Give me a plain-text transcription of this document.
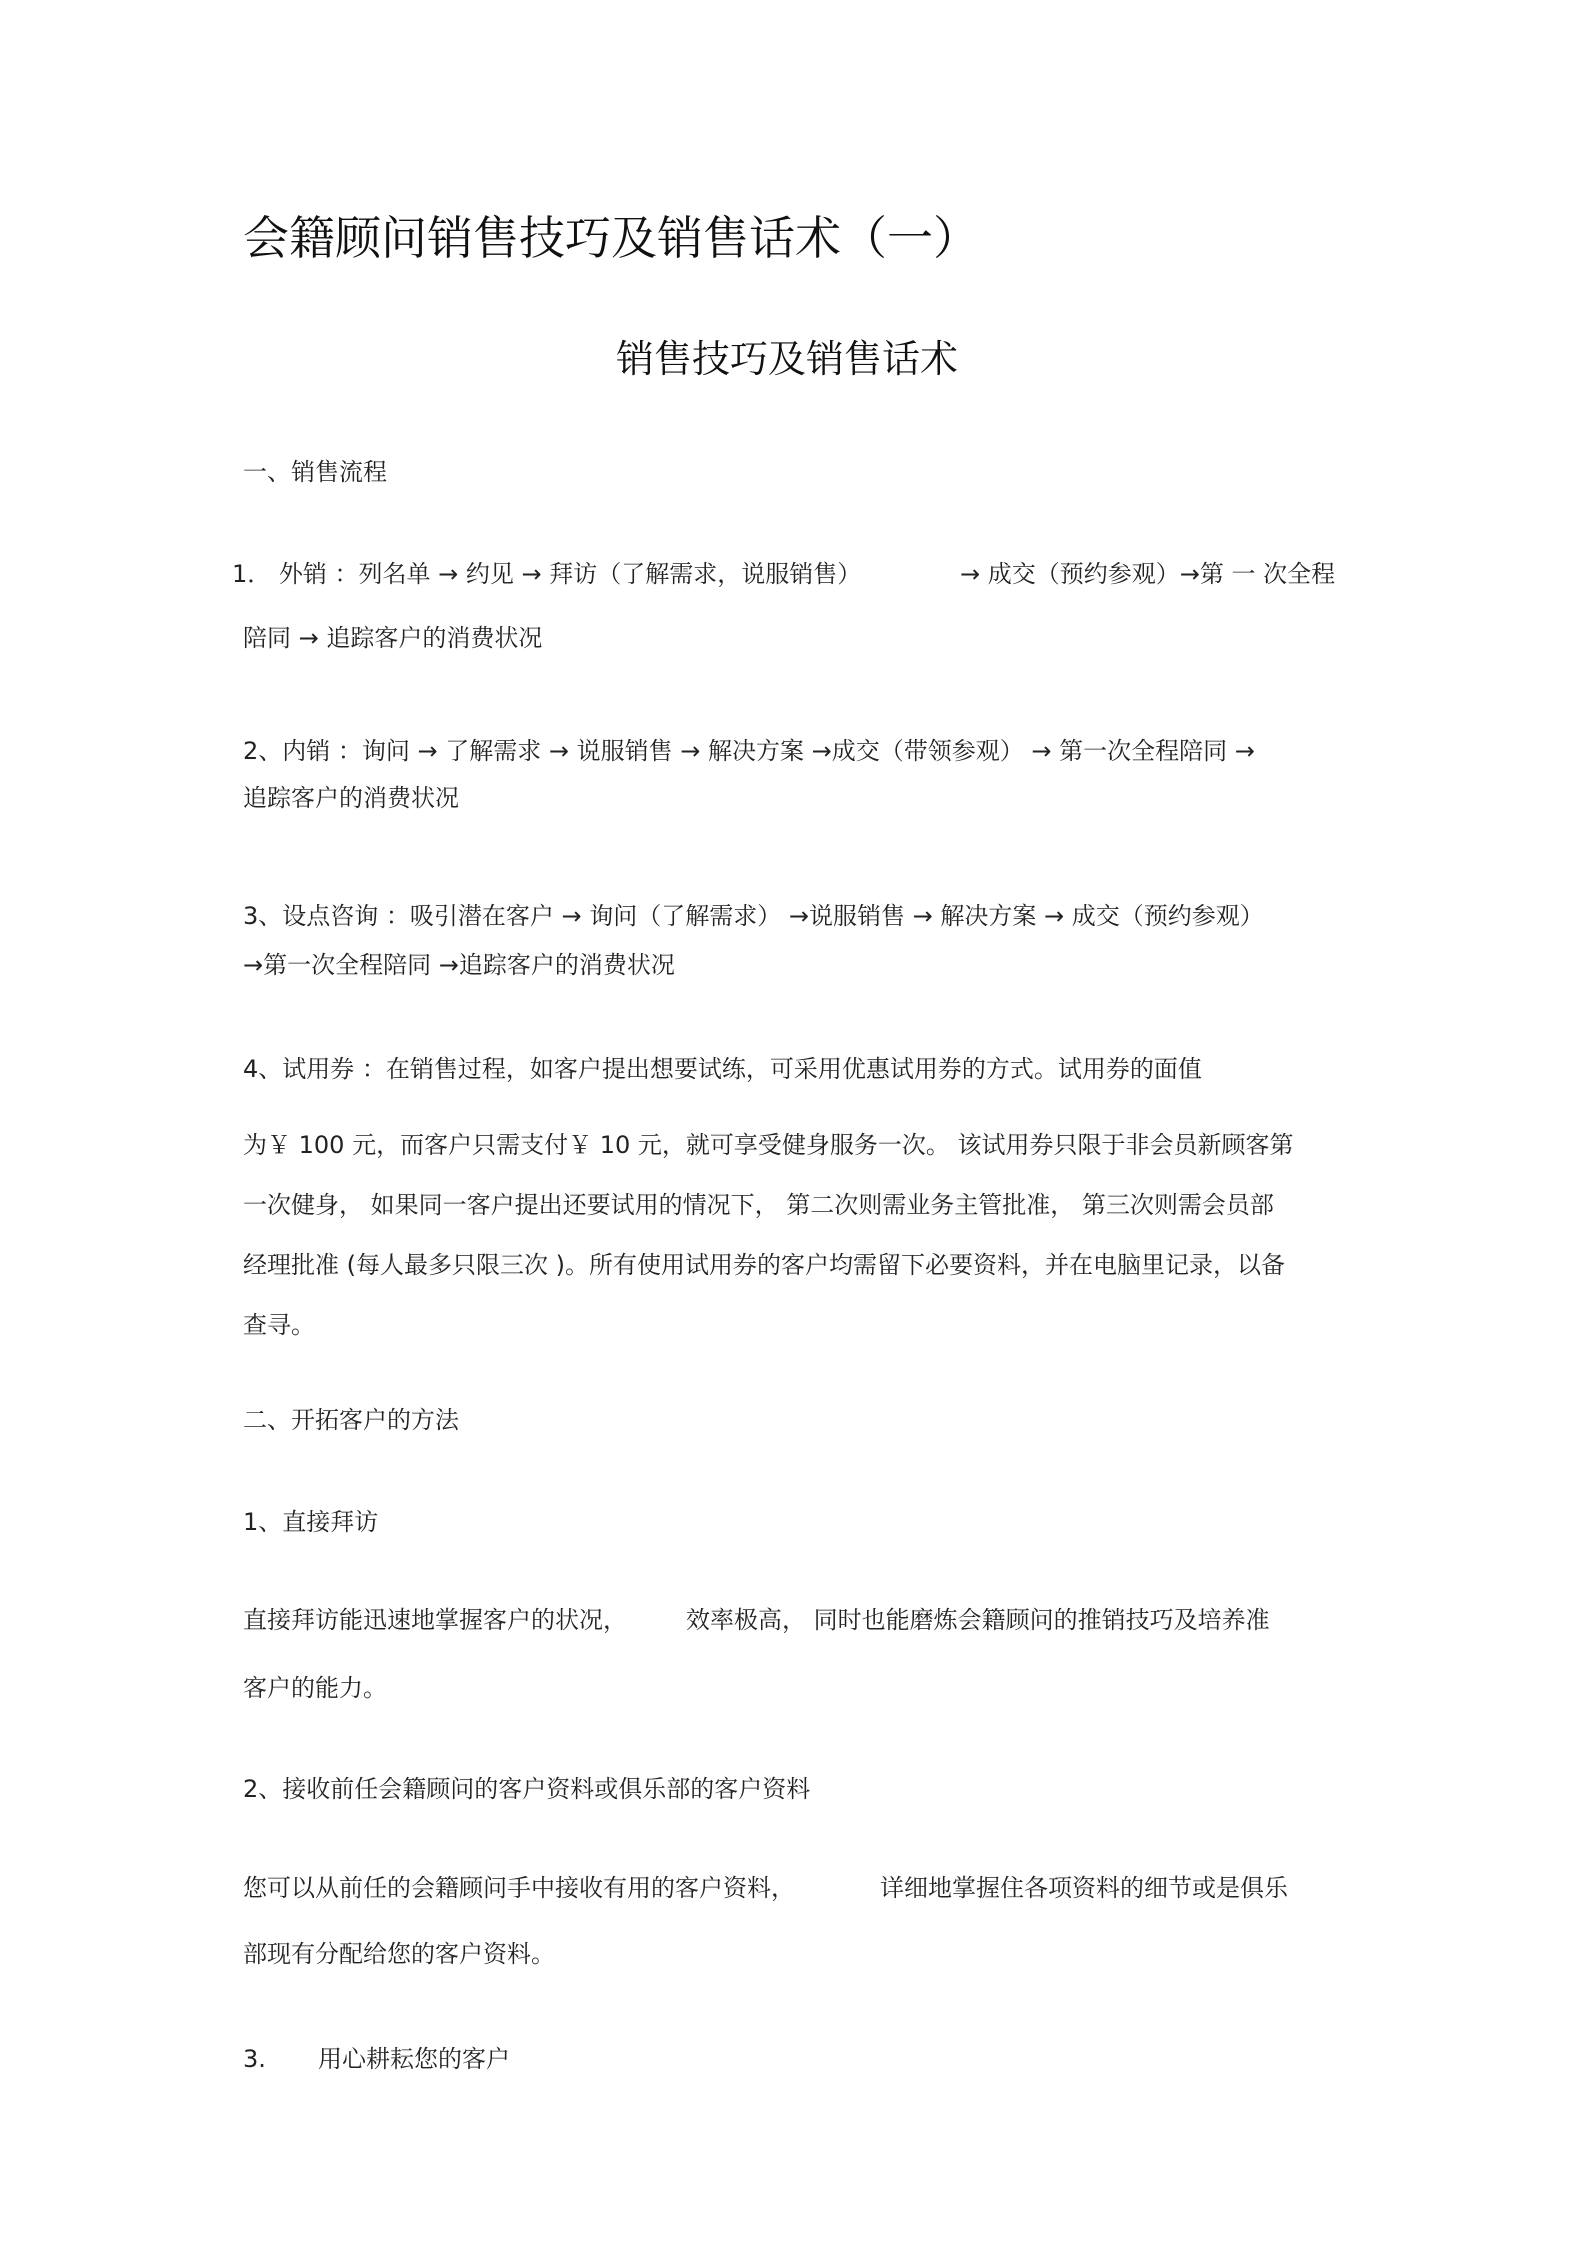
会籍顾问销售技巧及销售话术（一）
销售技巧及销售话术
一、销售流程
1． 外销 ：列名单 → 约见 → 拜访（了解需求，说服销售）	→ 成交（预约参观）→第 一 次全程
陪同 → 追踪客户的消费状况
2、内销 ：询问 → 了解需求 → 说服销售 → 解决方案 →成交（带领参观） → 第一次全程陪同 →
追踪客户的消费状况
3、设点咨询 ：吸引潜在客户 → 询问（了解需求） →说服销售 → 解决方案 → 成交（预约参观）
→第一次全程陪同 →追踪客户的消费状况
4、试用券 ：在销售过程，如客户提出想要试练，可采用优惠试用券的方式。试用券的面值
为￥ 100 元，而客户只需支付￥ 10 元，就可享受健身服务一次。 该试用券只限于非会员新顾客第
一次健身， 如果同一客户提出还要试用的情况下， 第二次则需业务主管批准， 第三次则需会员部
经理批准 (每人最多只限三次 )。所有使用试用券的客户均需留下必要资料，并在电脑里记录，以备
查寻。
二、开拓客户的方法
1、直接拜访
直接拜访能迅速地掌握客户的状况， 效率极高， 同时也能磨炼会籍顾问的推销技巧及培养准
客户的能力。
2、接收前任会籍顾问的客户资料或俱乐部的客户资料
您可以从前任的会籍顾问手中接收有用的客户资料，	详细地掌握住各项资料的细节或是俱乐
部现有分配给您的客户资料。
3. 用心耕耘您的客户
